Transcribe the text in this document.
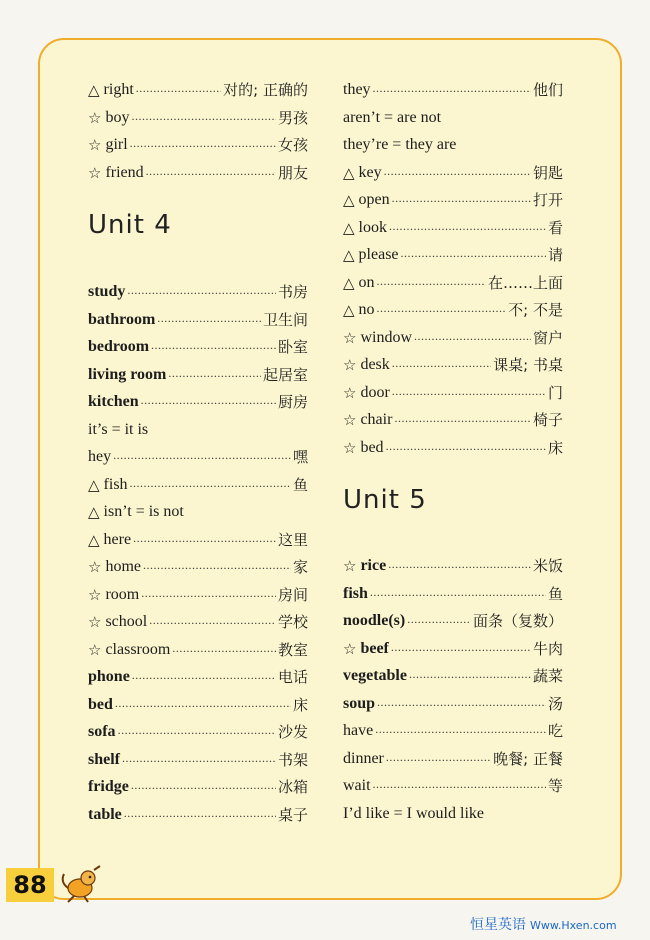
△ right .....	对的; 正确的
☆ boy .....	男孩
☆ girl .....	女孩
☆ friend .....	朋友
Unit 4
study .....	书房
bathroom .....	卫生间
bedroom .....	卧室
living room .....	起居室
kitchen .....	厨房
it’s = it is
hey .....	嘿
△ fish .....	鱼
△ isn’t = is not
△ here .....	这里
☆ home .....	家
☆ room .....	房间
☆ school .....	学校
☆ classroom .....	教室
phone .....	电话
bed .....	床
sofa .....	沙发
shelf .....	书架
fridge .....	冰箱
table .....	桌子
they .....	他们
aren’t = are not
they’re = they are
△ key .....	钥匙
△ open .....	打开
△ look .....	看
△ please .....	请
△ on .....	在……上面
△ no .....	不; 不是
☆ window .....	窗户
☆ desk .....	课桌; 书桌
☆ door .....	门
☆ chair .....	椅子
☆ bed .....	床
Unit 5
☆ rice .....	米饭
fish .....	鱼
noodle(s) .....	面条（复数）
☆ beef .....	牛肉
vegetable .....	蔬菜
soup .....	汤
have .....	吃
dinner .....	晚餐; 正餐
wait .....	等
I’d like = I would like
88
恒星英语 Www.Hxen.com
